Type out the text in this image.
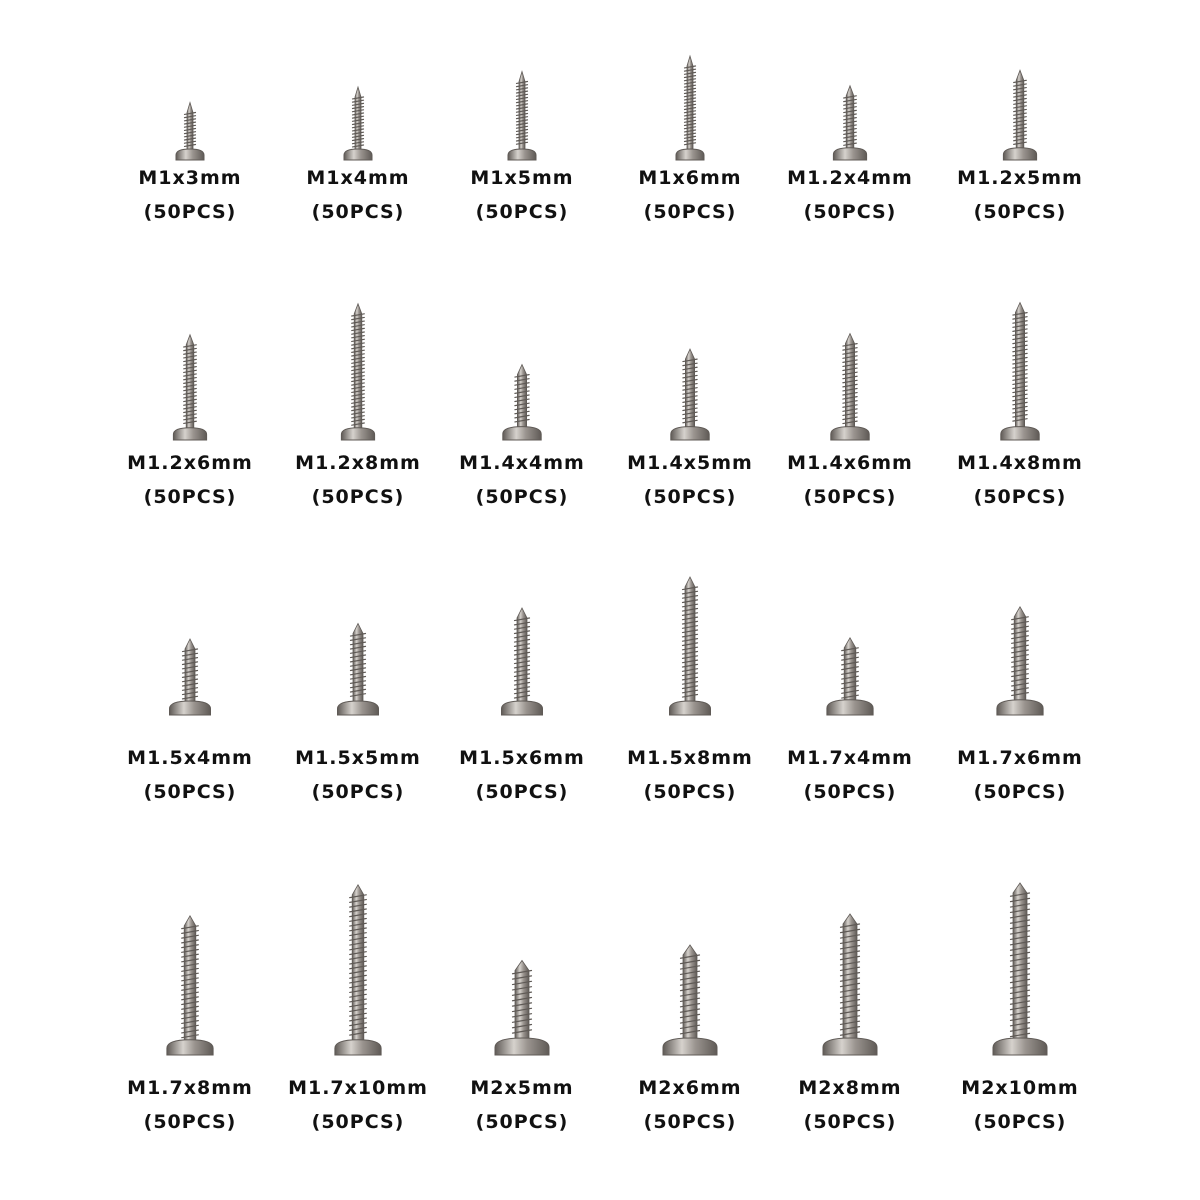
M1x3mm
(50PCS)
M1x4mm
(50PCS)
M1x5mm
(50PCS)
M1x6mm
(50PCS)
M1.2x4mm
(50PCS)
M1.2x5mm
(50PCS)
M1.2x6mm
(50PCS)
M1.2x8mm
(50PCS)
M1.4x4mm
(50PCS)
M1.4x5mm
(50PCS)
M1.4x6mm
(50PCS)
M1.4x8mm
(50PCS)
M1.5x4mm
(50PCS)
M1.5x5mm
(50PCS)
M1.5x6mm
(50PCS)
M1.5x8mm
(50PCS)
M1.7x4mm
(50PCS)
M1.7x6mm
(50PCS)
M1.7x8mm
(50PCS)
M1.7x10mm
(50PCS)
M2x5mm
(50PCS)
M2x6mm
(50PCS)
M2x8mm
(50PCS)
M2x10mm
(50PCS)
